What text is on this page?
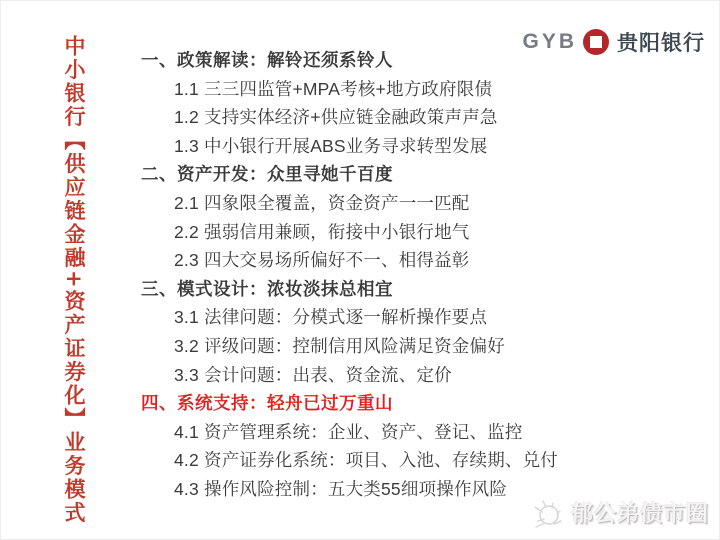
中小银行【供应链金融+资产证券化】业务模式	GYB 贵阳银行
一、政策解读：解铃还须系铃人
1.1 三三四监管+MPA考核+地方政府限债
1.2 支持实体经济+供应链金融政策声声急
1.3 中小银行开展ABS业务寻求转型发展
二、资产开发：众里寻她千百度
2.1 四象限全覆盖，资金资产一一匹配
2.2 强弱信用兼顾，衔接中小银行地气
2.3 四大交易场所偏好不一、相得益彰
三、模式设计：浓妆淡抹总相宜
3.1 法律问题：分模式逐一解析操作要点
3.2 评级问题：控制信用风险满足资金偏好
3.3 会计问题：出表、资金流、定价
四、系统支持：轻舟已过万重山
4.1 资产管理系统：企业、资产、登记、监控
4.2 资产证券化系统：项目、入池、存续期、兑付
4.3 操作风险控制：五大类55细项操作风险
郁公弟债市圈
